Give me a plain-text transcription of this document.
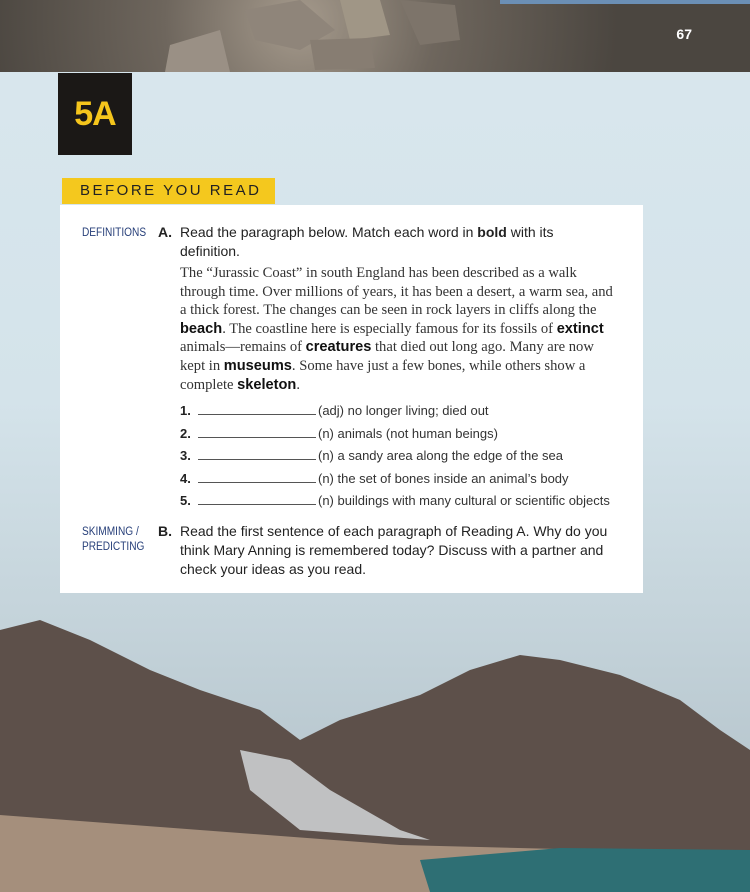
67
5A
BEFORE YOU READ
DEFINITIONS A. Read the paragraph below. Match each word in bold with its definition.
The “Jurassic Coast” in south England has been described as a walk through time. Over millions of years, it has been a desert, a warm sea, and a thick forest. The changes can be seen in rock layers in cliffs along the beach. The coastline here is especially famous for its fossils of extinct animals—remains of creatures that died out long ago. Many are now kept in museums. Some have just a few bones, while others show a complete skeleton.
1.	(adj) no longer living; died out
2.	(n) animals (not human beings)
3.	(n) a sandy area along the edge of the sea
4.	(n) the set of bones inside an animal’s body
5.	(n) buildings with many cultural or scientific objects
SKIMMING /
PREDICTING
B. Read the first sentence of each paragraph of Reading A. Why do you think Mary Anning is remembered today? Discuss with a partner and check your ideas as you read.
